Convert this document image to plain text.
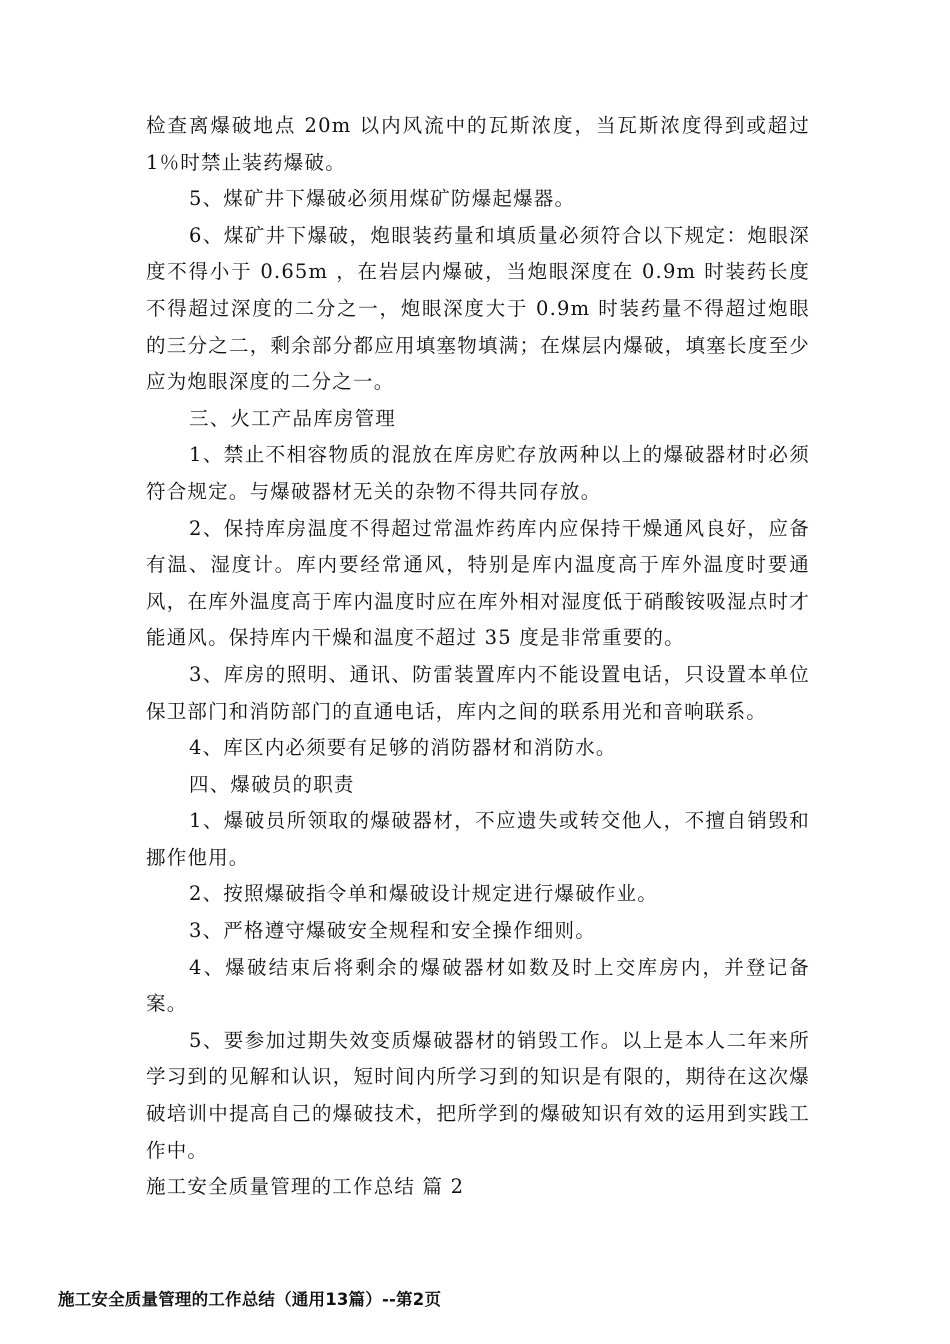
检查离爆破地点 20m 以内风流中的瓦斯浓度，当瓦斯浓度得到或超过 1％时禁止装药爆破。

5、煤矿井下爆破必须用煤矿防爆起爆器。

6、煤矿井下爆破，炮眼装药量和填质量必须符合以下规定：炮眼深度不得小于 0.65m ，在岩层内爆破，当炮眼深度在 0.9m 时装药长度不得超过深度的二分之一，炮眼深度大于 0.9m 时装药量不得超过炮眼的三分之二，剩余部分都应用填塞物填满；在煤层内爆破，填塞长度至少应为炮眼深度的二分之一。

三、火工产品库房管理

1、禁止不相容物质的混放在库房贮存放两种以上的爆破器材时必须符合规定。与爆破器材无关的杂物不得共同存放。

2、保持库房温度不得超过常温炸药库内应保持干燥通风良好，应备有温、湿度计。库内要经常通风，特别是库内温度高于库外温度时要通风，在库外温度高于库内温度时应在库外相对湿度低于硝酸铵吸湿点时才能通风。保持库内干燥和温度不超过 35 度是非常重要的。

3、库房的照明、通讯、防雷装置库内不能设置电话，只设置本单位保卫部门和消防部门的直通电话，库内之间的联系用光和音响联系。

4、库区内必须要有足够的消防器材和消防水。

四、爆破员的职责

1、爆破员所领取的爆破器材，不应遗失或转交他人，不擅自销毁和挪作他用。

2、按照爆破指令单和爆破设计规定进行爆破作业。

3、严格遵守爆破安全规程和安全操作细则。

4、爆破结束后将剩余的爆破器材如数及时上交库房内，并登记备案。

5、要参加过期失效变质爆破器材的销毁工作。以上是本人二年来所学习到的见解和认识，短时间内所学习到的知识是有限的，期待在这次爆破培训中提高自己的爆破技术，把所学到的爆破知识有效的运用到实践工作中。

施工安全质量管理的工作总结 篇 2

施工安全质量管理的工作总结（通用13篇）--第2页
